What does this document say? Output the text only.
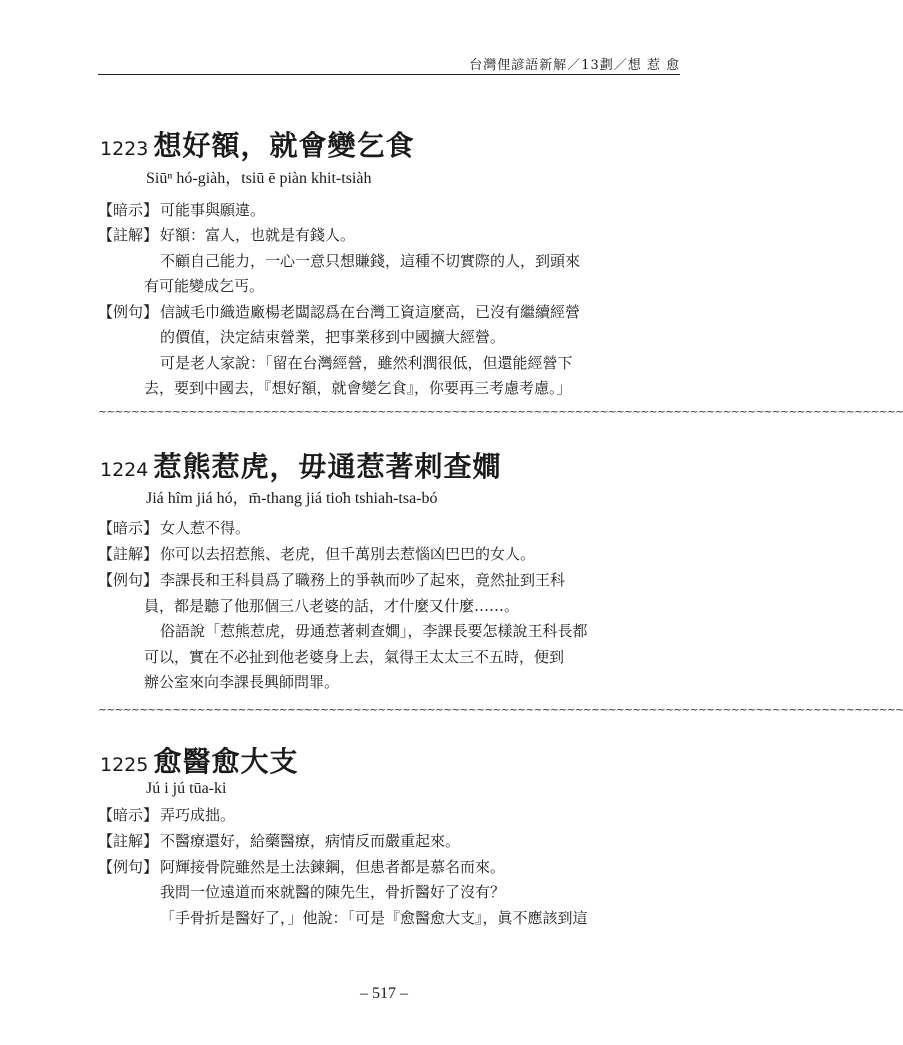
台灣俚諺語新解／13劃／想 惹 愈
1223 想好額，就會變乞食
Siūⁿ hó-giàh，tsiū ē piàn khit-tsiàh
【暗示】 可能事與願違。
【註解】 好額：富人，也就是有錢人。
不顧自己能力，一心一意只想賺錢，這種不切實際的人，到頭來
有可能變成乞丐。
【例句】 信誠毛巾織造廠楊老闆認爲在台灣工資這麼高，已沒有繼續經營
的價值，決定結束營業，把事業移到中國擴大經營。
可是老人家說：「留在台灣經營，雖然利潤很低，但還能經營下
去，要到中國去，『想好額，就會變乞食』，你要再三考慮考慮。」
~~~~~~~~~~~~~~~~~~~~~~~~~~~~~~~~~~~~~~~~~~~~~~~~~~~~~~~~~~~~~~~~~~~~~~~~~~~~~~~~~~~~~~~~~~~~~~~~~~
1224 惹熊惹虎，毋通惹著刺查𡢃
Jiá hîm jiá hó，m̄-thang jiá tio̍h tshiah-tsa-bó
【暗示】 女人惹不得。
【註解】 你可以去招惹熊、老虎，但千萬別去惹惱凶巴巴的女人。
【例句】 李課長和王科員爲了職務上的爭執而吵了起來，竟然扯到王科
員，都是聽了他那個三八老婆的話，才什麼又什麼……。
俗語說「惹熊惹虎，毋通惹著刺查𡢃」，李課長要怎樣說王科長都
可以，實在不必扯到他老婆身上去，氣得王太太三不五時，便到
辦公室來向李課長興師問罪。
~~~~~~~~~~~~~~~~~~~~~~~~~~~~~~~~~~~~~~~~~~~~~~~~~~~~~~~~~~~~~~~~~~~~~~~~~~~~~~~~~~~~~~~~~~~~~~~~~~
1225 愈醫愈大支
Jú i jú tūa-ki
【暗示】 弄巧成拙。
【註解】 不醫療還好，給藥醫療，病情反而嚴重起來。
【例句】 阿輝接骨院雖然是土法鍊鋼，但患者都是慕名而來。
我問一位遠道而來就醫的陳先生，骨折醫好了沒有？
「手骨折是醫好了，」他說：「可是『愈醫愈大支』，眞不應該到這
– 517 –
